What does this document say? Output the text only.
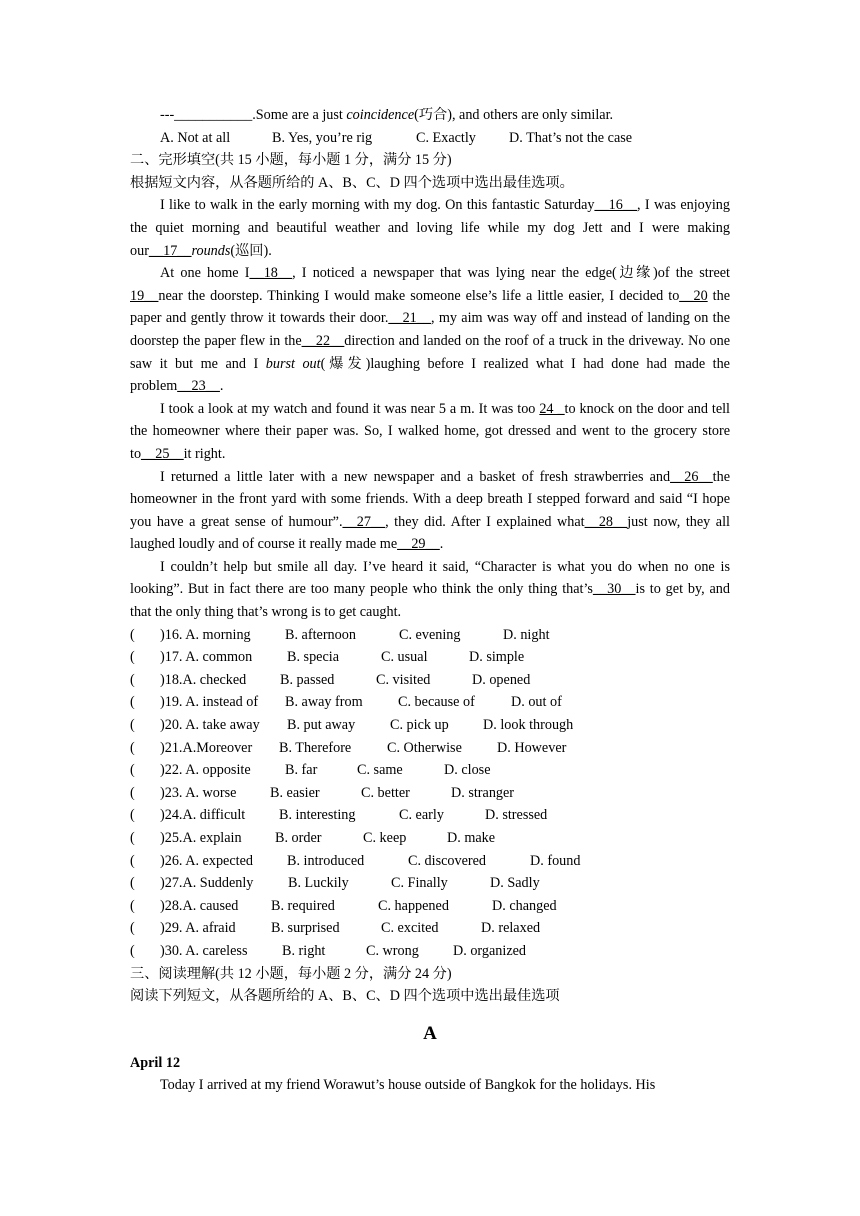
---___________.Some are a just coincidence(巧合), and others are only similar.
A. Not at all	B. Yes, you’re rig	C. Exactly D. That’s not the case
二、完形填空(共 15 小题，每小题 1 分，满分 15 分)
根据短文内容，从各题所给的 A、B、C、D 四个选项中选出最佳选项。
I like to walk in the early morning with my dog. On this fantastic Saturday__16__, I was enjoying the quiet morning and beautiful weather and loving life while my dog Jett and I were making our__17__rounds(巡回).
At one home I__18__, I noticed a newspaper that was lying near the edge(边缘)of the street 19__near the doorstep. Thinking I would make someone else’s life a little easier, I decided to__20 the paper and gently throw it towards their door.__21__, my aim was way off and instead of landing on the doorstep the paper flew in the__22__direction and landed on the roof of a truck in the driveway. No one saw it but me and I burst out(爆发)laughing before I realized what I had done had made the problem__23__.
I took a look at my watch and found it was near 5 a m. It was too 24 _to knock on the door and tell the homeowner where their paper was. So, I walked home, got dressed and went to the grocery store to__25__it right.
I returned a little later with a new newspaper and a basket of fresh strawberries and__26__the homeowner in the front yard with some friends. With a deep breath I stepped forward and said “I hope you have a great sense of humour”.__27__, they did. After I explained what__28__just now, they all laughed loudly and of course it really made me__29__.
I couldn’t help but smile all day. I’ve heard it said, “Character is what you do when no one is looking”. But in fact there are too many people who think the only thing that’s__30__is to get by, and that the only thing that’s wrong is to get caught.
( )16. A. morning B. afternoon	C. evening	D. night
( )17. A. common B. specia	C. usual	D. simple
( )18.A. checked B. passed	C. visited	D. opened
( )19. A. instead of B. away from C. because of	D. out of
( )20. A. take away B. put away C. pick up D. look through
( )21.A.Moreover B. Therefore	C. Otherwise D. However
( )22. A. opposite B. far	C. same	D. close
( )23. A. worse B. easier	C. better	D. stranger
( )24.A. difficult B. interesting	C. early	D. stressed
( )25.A. explain B. order	C. keep	D. make
( )26. A. expected B. introduced	C. discovered	D. found
( )27.A. Suddenly B. Luckily	C. Finally	D. Sadly
( )28.A. caused B. required	C. happened	D. changed
( )29. A. afraid B. surprised	C. excited	D. relaxed
( )30. A. careless B. right	C. wrong D. organized
三、阅读理解(共 12 小题，每小题 2 分，满分 24 分)
阅读下列短文，从各题所给的 A、B、C、D 四个选项中选出最佳选项
A
April 12
Today I arrived at my friend Worawut’s house outside of Bangkok for the holidays. His
